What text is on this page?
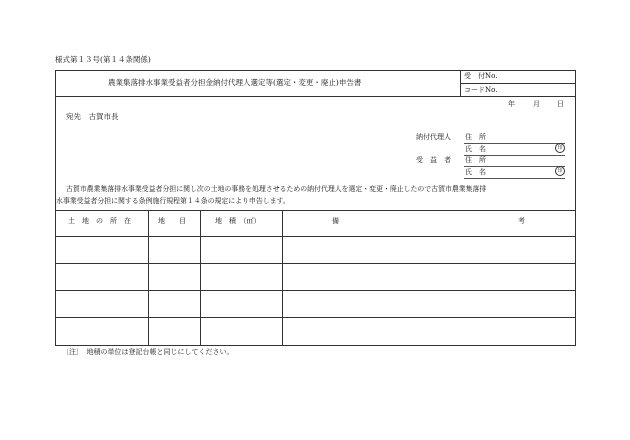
様式第１３号(第１４条関係)
農業集落排水事業受益者分担金納付代理人選定等(選定・変更・廃止)申告書
受　付No.
コードNo.
年	月 日
宛先　古賀市長
納付代理人 住　所
氏　名	印
受　益　者 住　所
氏　名	印
古賀市農業集落排水事業受益者分担に関し次の土地の事務を処理させるための納付代理人を選定・変更・廃止したので古賀市農業集落排
水事業受益者分担に関する条例施行規程第１４条の規定により申告します。
土　地　の　所　在	地　　目	地　積　（㎡）	備	考
〔注〕　地積の単位は登記台帳と同じにしてください。
